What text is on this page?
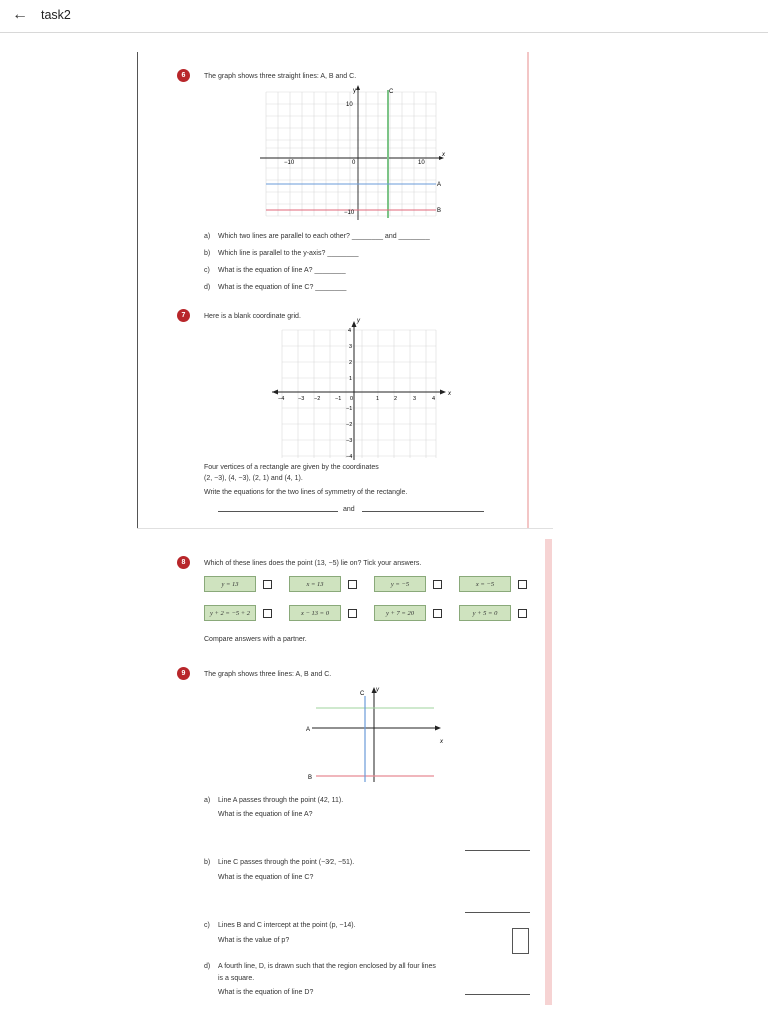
← task2
6	The graph shows three straight lines: A, B and C.
y
x
10
−10	0	10
−10
A
B
C
a) Which two lines are parallel to each other? ________ and ________
b) Which line is parallel to the y-axis? ________
c) What is the equation of line A? ________
d) What is the equation of line C? ________
7	Here is a blank coordinate grid.
y
x
−4 −3 −2	−1 0	1	2	3	4
4
3
2
1
−1
−2
−3
−4
Four vertices of a rectangle are given by the coordinates
(2, −3), (4, −3), (2, 1) and (4, 1).
Write the equations for the two lines of symmetry of the rectangle.
and
8	Which of these lines does the point (13, −5) lie on? Tick your answers.
y = 13	x = 13	y = −5	x = −5
y + 2 = −5 + 2	x − 13 = 0	y + 7 = 20	y + 5 = 0
Compare answers with a partner.
9	The graph shows three lines: A, B and C.
y
x
A
B
C
a) Line A passes through the point (42, 11).
What is the equation of line A?
b) Line C passes through the point (−3⁄2, −51).
What is the equation of line C?
c) Lines B and C intercept at the point (p, −14).
What is the value of p?
d) A fourth line, D, is drawn such that the region enclosed by all four lines
is a square.
What is the equation of line D?
